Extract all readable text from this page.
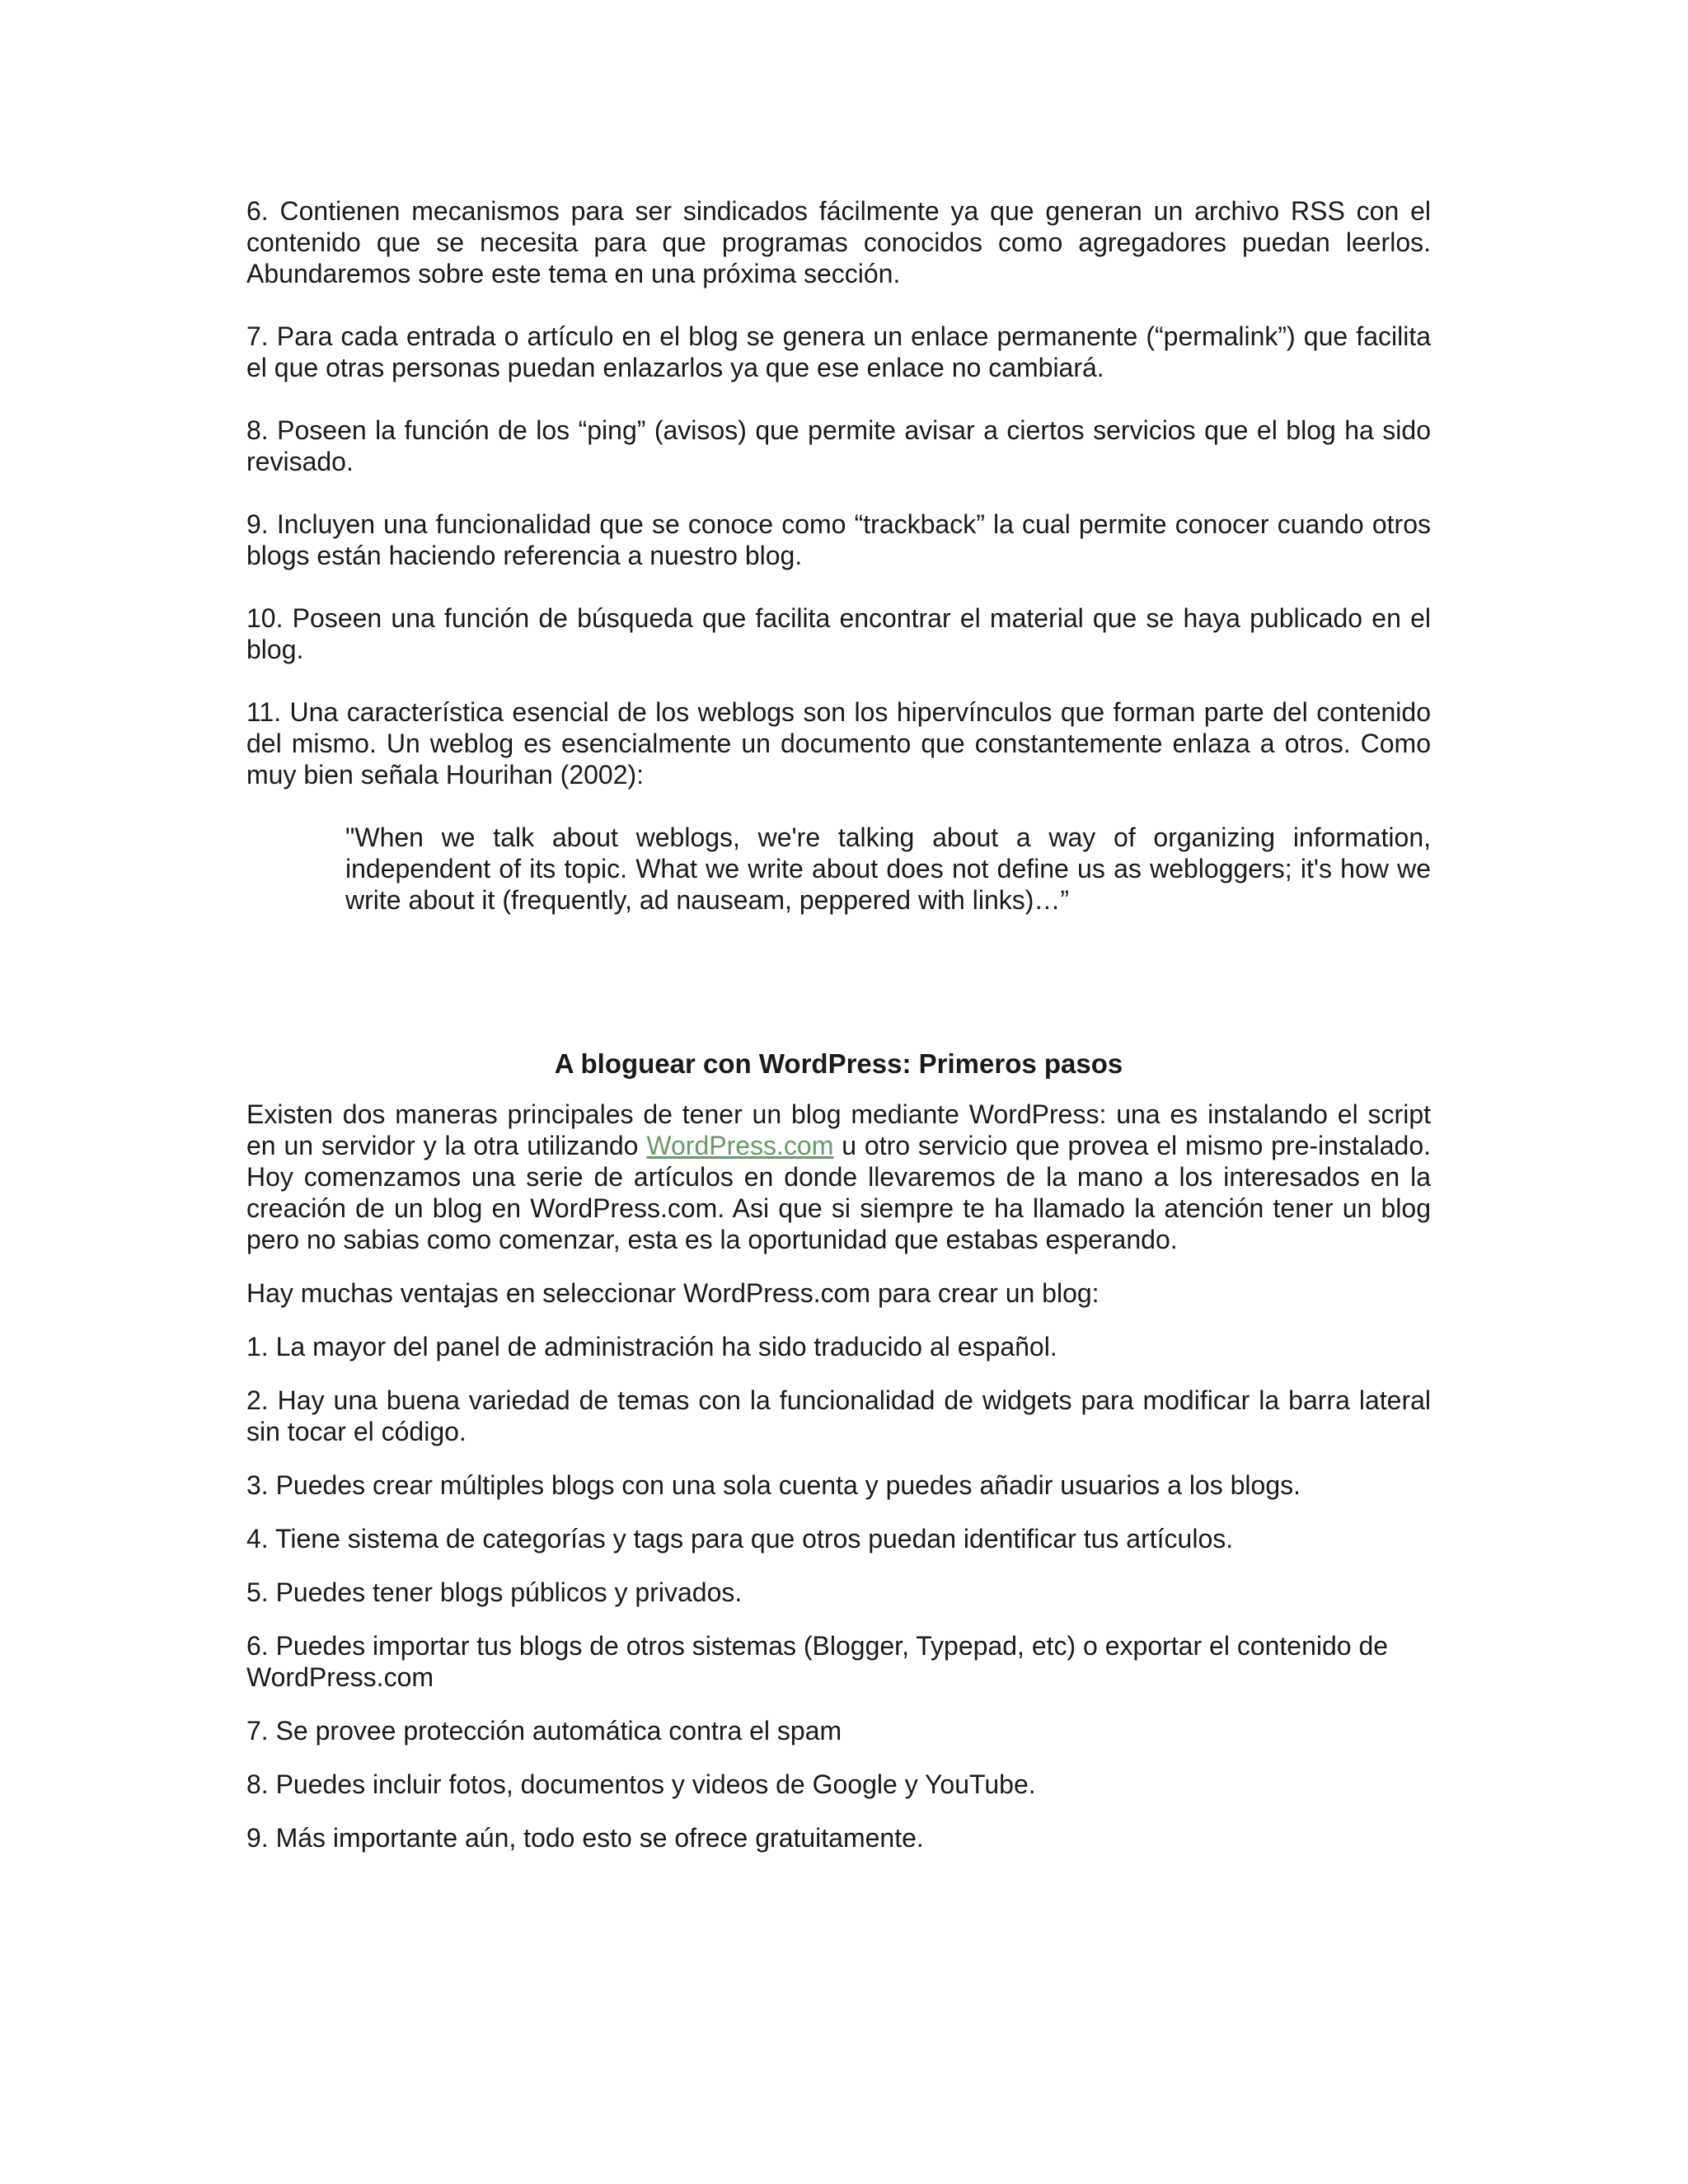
6. Contienen mecanismos para ser sindicados fácilmente ya que generan un archivo RSS con el contenido que se necesita para que programas conocidos como agregadores puedan leerlos. Abundaremos sobre este tema en una próxima sección.

7. Para cada entrada o artículo en el blog se genera un enlace permanente (“permalink”) que facilita el que otras personas puedan enlazarlos ya que ese enlace no cambiará.

8. Poseen la función de los “ping” (avisos) que permite avisar a ciertos servicios que el blog ha sido revisado.

9. Incluyen una funcionalidad que se conoce como “trackback” la cual permite conocer cuando otros blogs están haciendo referencia a nuestro blog.

10. Poseen una función de búsqueda que facilita encontrar el material que se haya publicado en el blog.

11. Una característica esencial de los weblogs son los hipervínculos que forman parte del contenido del mismo. Un weblog es esencialmente un documento que constantemente enlaza a otros. Como muy bien señala Hourihan (2002):

"When we talk about weblogs, we're talking about a way of organizing information, independent of its topic. What we write about does not define us as webloggers; it's how we write about it (frequently, ad nauseam, peppered with links)…”

A bloguear con WordPress: Primeros pasos

Existen dos maneras principales de tener un blog mediante WordPress: una es instalando el script en un servidor y la otra utilizando WordPress.com u otro servicio que provea el mismo pre-instalado. Hoy comenzamos una serie de artículos en donde llevaremos de la mano a los interesados en la creación de un blog en WordPress.com. Asi que si siempre te ha llamado la atención tener un blog pero no sabias como comenzar, esta es la oportunidad que estabas esperando.

Hay muchas ventajas en seleccionar WordPress.com para crear un blog:

1. La mayor del panel de administración ha sido traducido al español.

2. Hay una buena variedad de temas con la funcionalidad de widgets para modificar la barra lateral sin tocar el código.

3. Puedes crear múltiples blogs con una sola cuenta y puedes añadir usuarios a los blogs.

4. Tiene sistema de categorías y tags para que otros puedan identificar tus artículos.

5. Puedes tener blogs públicos y privados.

6. Puedes importar tus blogs de otros sistemas (Blogger, Typepad, etc) o exportar el contenido de WordPress.com

7. Se provee protección automática contra el spam

8. Puedes incluir fotos, documentos y videos de Google y YouTube.

9. Más importante aún, todo esto se ofrece gratuitamente.
